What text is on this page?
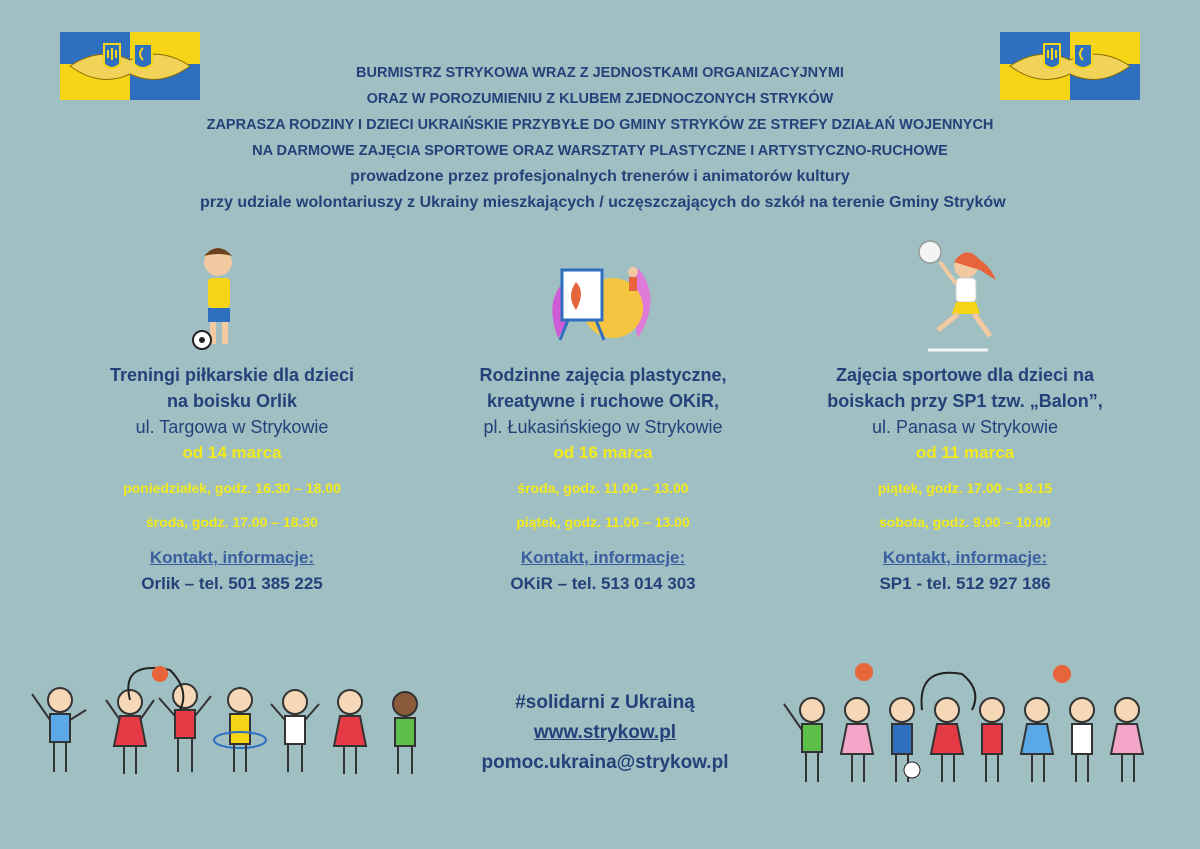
BURMISTRZ STRYKOWA WRAZ Z JEDNOSTKAMI ORGANIZACYJNYMI
ORAZ W POROZUMIENIU Z KLUBEM ZJEDNOCZONYCH STRYKÓW
ZAPRASZA RODZINY I DZIECI UKRAIŃSKIE PRZYBYŁE DO GMINY STRYKÓW ZE STREFY DZIAŁAŃ WOJENNYCH
NA DARMOWE ZAJĘCIA SPORTOWE ORAZ WARSZTATY PLASTYCZNE I ARTYSTYCZNO-RUCHOWE
prowadzone przez profesjonalnych trenerów i animatorów kultury
przy udziale wolontariuszy z Ukrainy mieszkających / uczęszczających do szkół na terenie Gminy Stryków
Treningi piłkarskie dla dzieci
na boisku Orlik
ul. Targowa w Strykowie
od 14 marca
poniedziałek, godz. 16.30 – 18.00
środa, godz. 17.00 – 18.30
Kontakt, informacje:
Orlik – tel. 501 385 225
Rodzinne zajęcia plastyczne,
kreatywne i ruchowe OKiR,
pl. Łukasińskiego w Strykowie
od 16 marca
środa, godz. 11.00 – 13.00
piątek, godz. 11.00 – 13.00
Kontakt, informacje:
OKiR – tel. 513 014 303
Zajęcia sportowe dla dzieci na
boiskach przy SP1 tzw. „Balon”,
ul. Panasa w Strykowie
od 11 marca
piątek, godz. 17.00 – 18.15
sobota, godz. 9.00 – 10.00
Kontakt, informacje:
SP1 - tel. 512 927 186
#solidarni z Ukrainą
www.strykow.pl
pomoc.ukraina@strykow.pl
